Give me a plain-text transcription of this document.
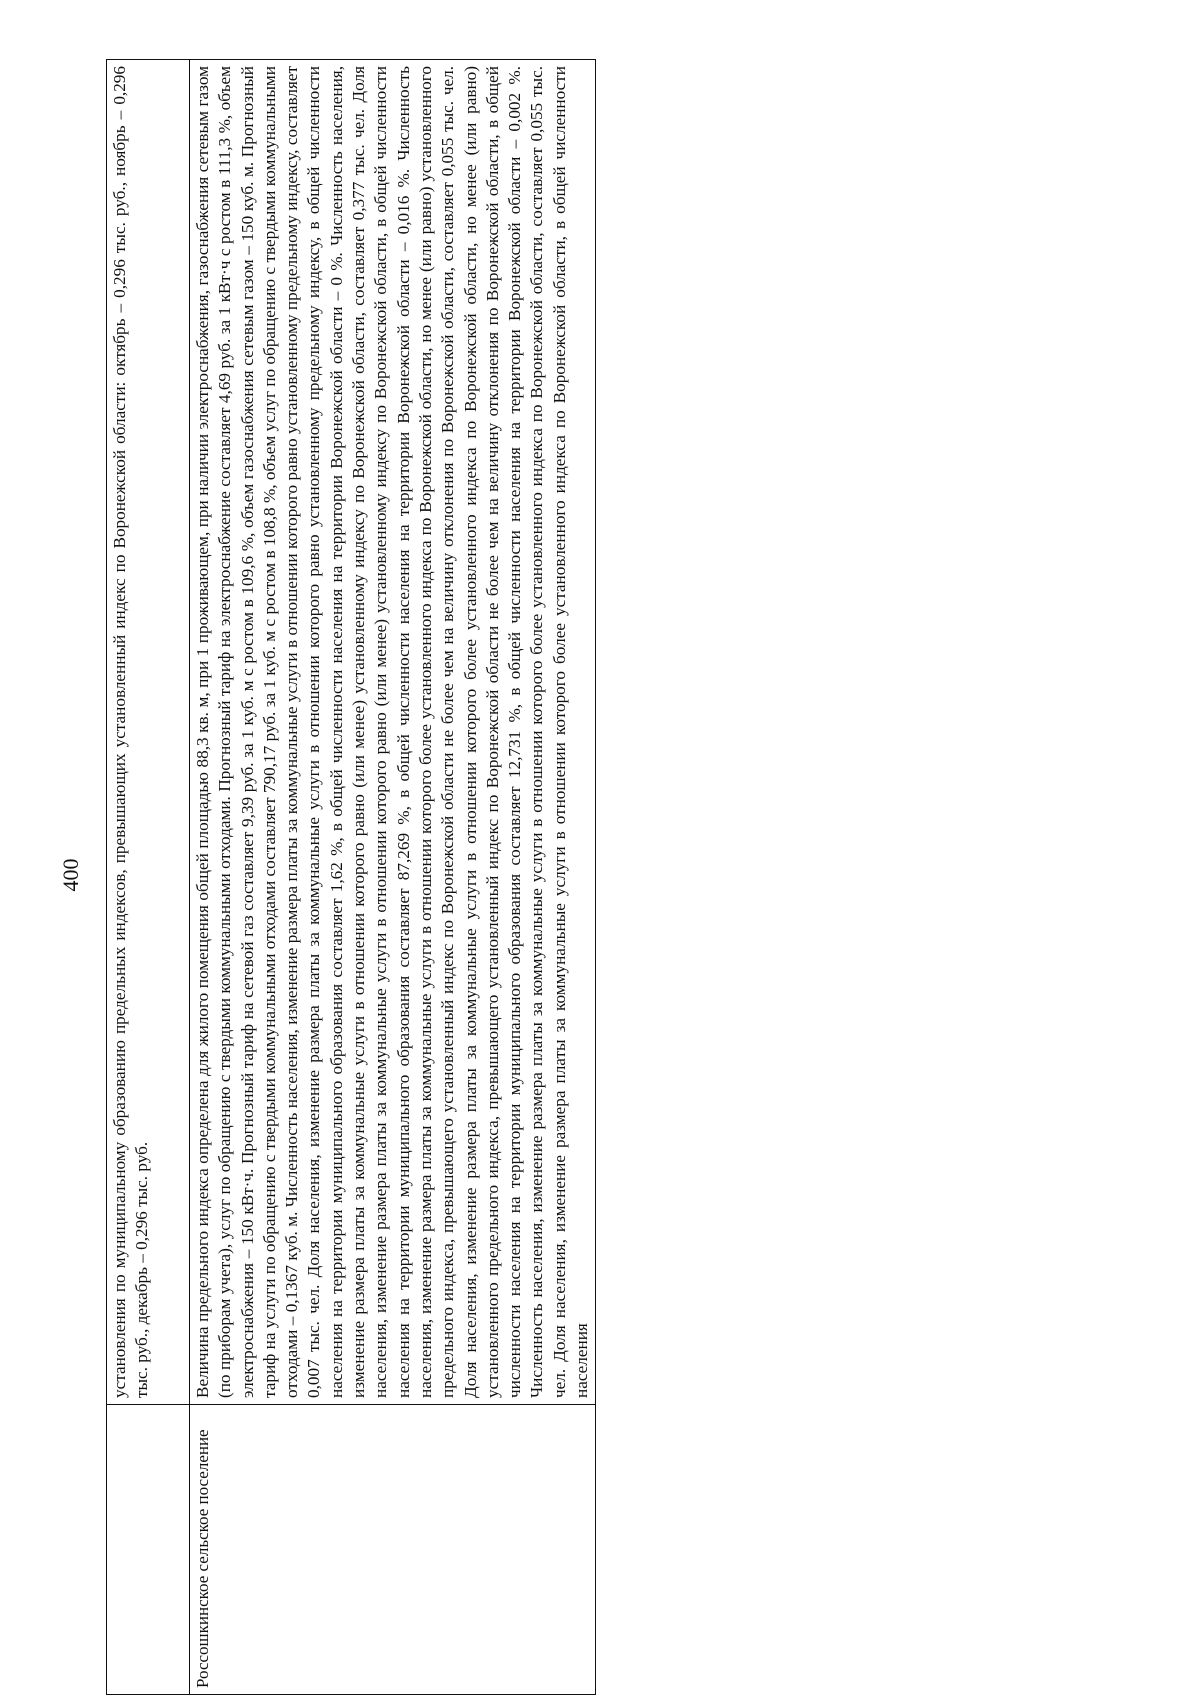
400
	установления по муниципальному образованию предельных индексов, превышающих установленный индекс по Воронежской области: октябрь – 0,296 тыс. руб., ноябрь – 0,296 тыс. руб., декабрь – 0,296 тыс. руб.
Россошкинское сельское поселение	Величина предельного индекса определена для жилого помещения общей площадью 88,3 кв. м, при 1 проживающем, при наличии электроснабжения, газоснабжения сетевым газом (по приборам учета), услуг по обращению с твердыми коммунальными отходами. Прогнозный тариф на электроснабжение составляет 4,69 руб. за 1 кВт·ч с ростом в 111,3 %, объем электроснабжения – 150 кВт·ч. Прогнозный тариф на сетевой газ составляет 9,39 руб. за 1 куб. м с ростом в 109,6 %, объем газоснабжения сетевым газом – 150 куб. м. Прогнозный тариф на услуги по обращению с твердыми коммунальными отходами составляет 790,17 руб. за 1 куб. м с ростом в 108,8 %, объем услуг по обращению с твердыми коммунальными отходами – 0,1367 куб. м. Численность населения, изменение размера платы за коммунальные услуги в отношении которого равно установленному предельному индексу, составляет 0,007 тыс. чел. Доля населения, изменение размера платы за коммунальные услуги в отношении которого равно установленному предельному индексу, в общей численности населения на территории муниципального образования составляет 1,62 %, в общей численности населения на территории Воронежской области – 0 %. Численность населения, изменение размера платы за коммунальные услуги в отношении которого равно (или менее) установленному индексу по Воронежской области, составляет 0,377 тыс. чел. Доля населения, изменение размера платы за коммунальные услуги в отношении которого равно (или менее) установленному индексу по Воронежской области, в общей численности населения на территории муниципального образования составляет 87,269 %, в общей численности населения на территории Воронежской области – 0,016 %. Численность населения, изменение размера платы за коммунальные услуги в отношении которого более установленного индекса по Воронежской области, но менее (или равно) установленного предельного индекса, превышающего установленный индекс по Воронежской области не более чем на величину отклонения по Воронежской области, составляет 0,055 тыс. чел. Доля населения, изменение размера платы за коммунальные услуги в отношении которого более установленного индекса по Воронежской области, но менее (или равно) установленного предельного индекса, превышающего установленный индекс по Воронежской области не более чем на величину отклонения по Воронежской области, в общей численности населения на территории муниципального образования составляет 12,731 %, в общей численности населения на территории Воронежской области – 0,002 %. Численность населения, изменение размера платы за коммунальные услуги в отношении которого более установленного индекса по Воронежской области, составляет 0,055 тыс. чел. Доля населения, изменение размера платы за коммунальные услуги в отношении которого более установленного индекса по Воронежской области, в общей численности населения
